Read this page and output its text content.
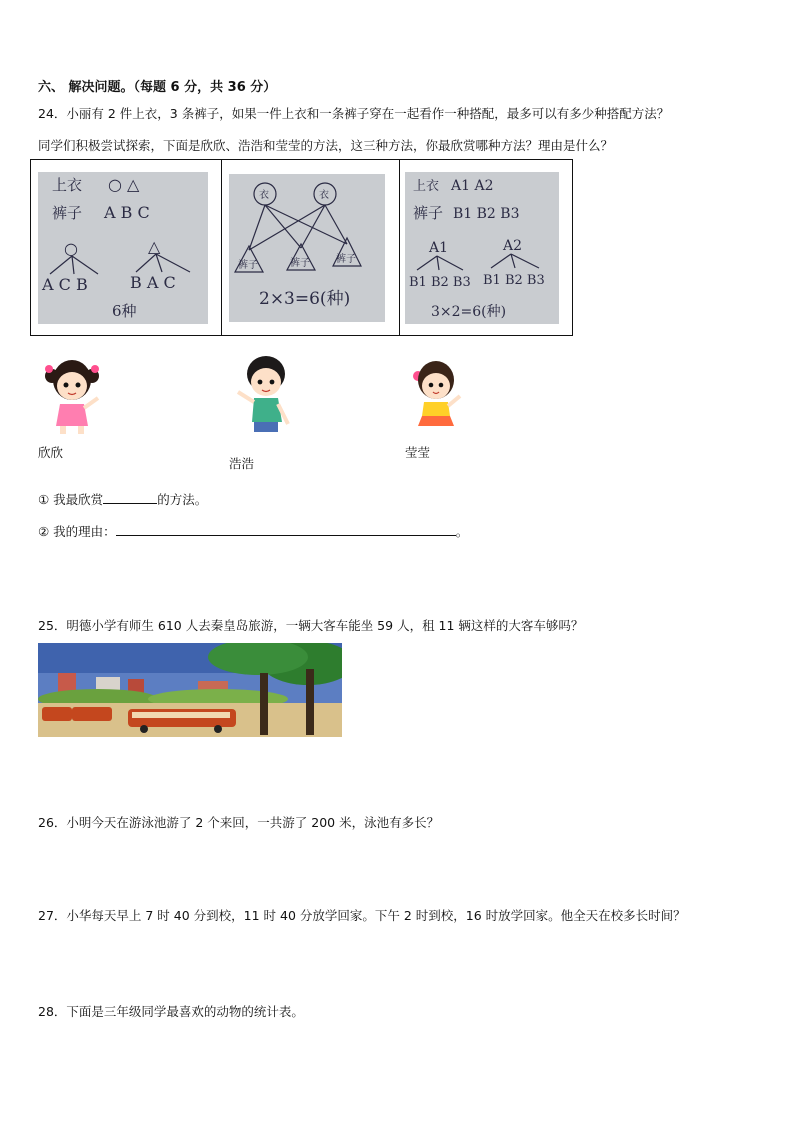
六、 解决问题。（每题 6 分，共 36 分）
24．小丽有 2 件上衣，3 条裤子，如果一件上衣和一条裤子穿在一起看作一种搭配，最多可以有多少种搭配方法？
同学们积极尝试探索，下面是欣欣、浩浩和莹莹的方法，这三种方法，你最欣赏哪种方法？理由是什么？
上衣 ○ △
裤子 A B C
○	△
A C B	B A C
6种
衣	衣
裤子	裤子	裤子
2×3=6(种)
上衣 A1 A2
裤子 B1 B2 B3
A1	A2
B1 B2 B3 B1 B2 B3
3×2=6(种)
欣欣
浩浩
莹莹
① 我最欣赏	的方法。
② 我的理由：	。
25．明德小学有师生 610 人去秦皇岛旅游，一辆大客车能坐 59 人，租 11 辆这样的大客车够吗？
26．小明今天在游泳池游了 2 个来回，一共游了 200 米，泳池有多长？
27．小华每天早上 7 时 40 分到校，11 时 40 分放学回家。下午 2 时到校，16 时放学回家。他全天在校多长时间？
28．下面是三年级同学最喜欢的动物的统计表。
